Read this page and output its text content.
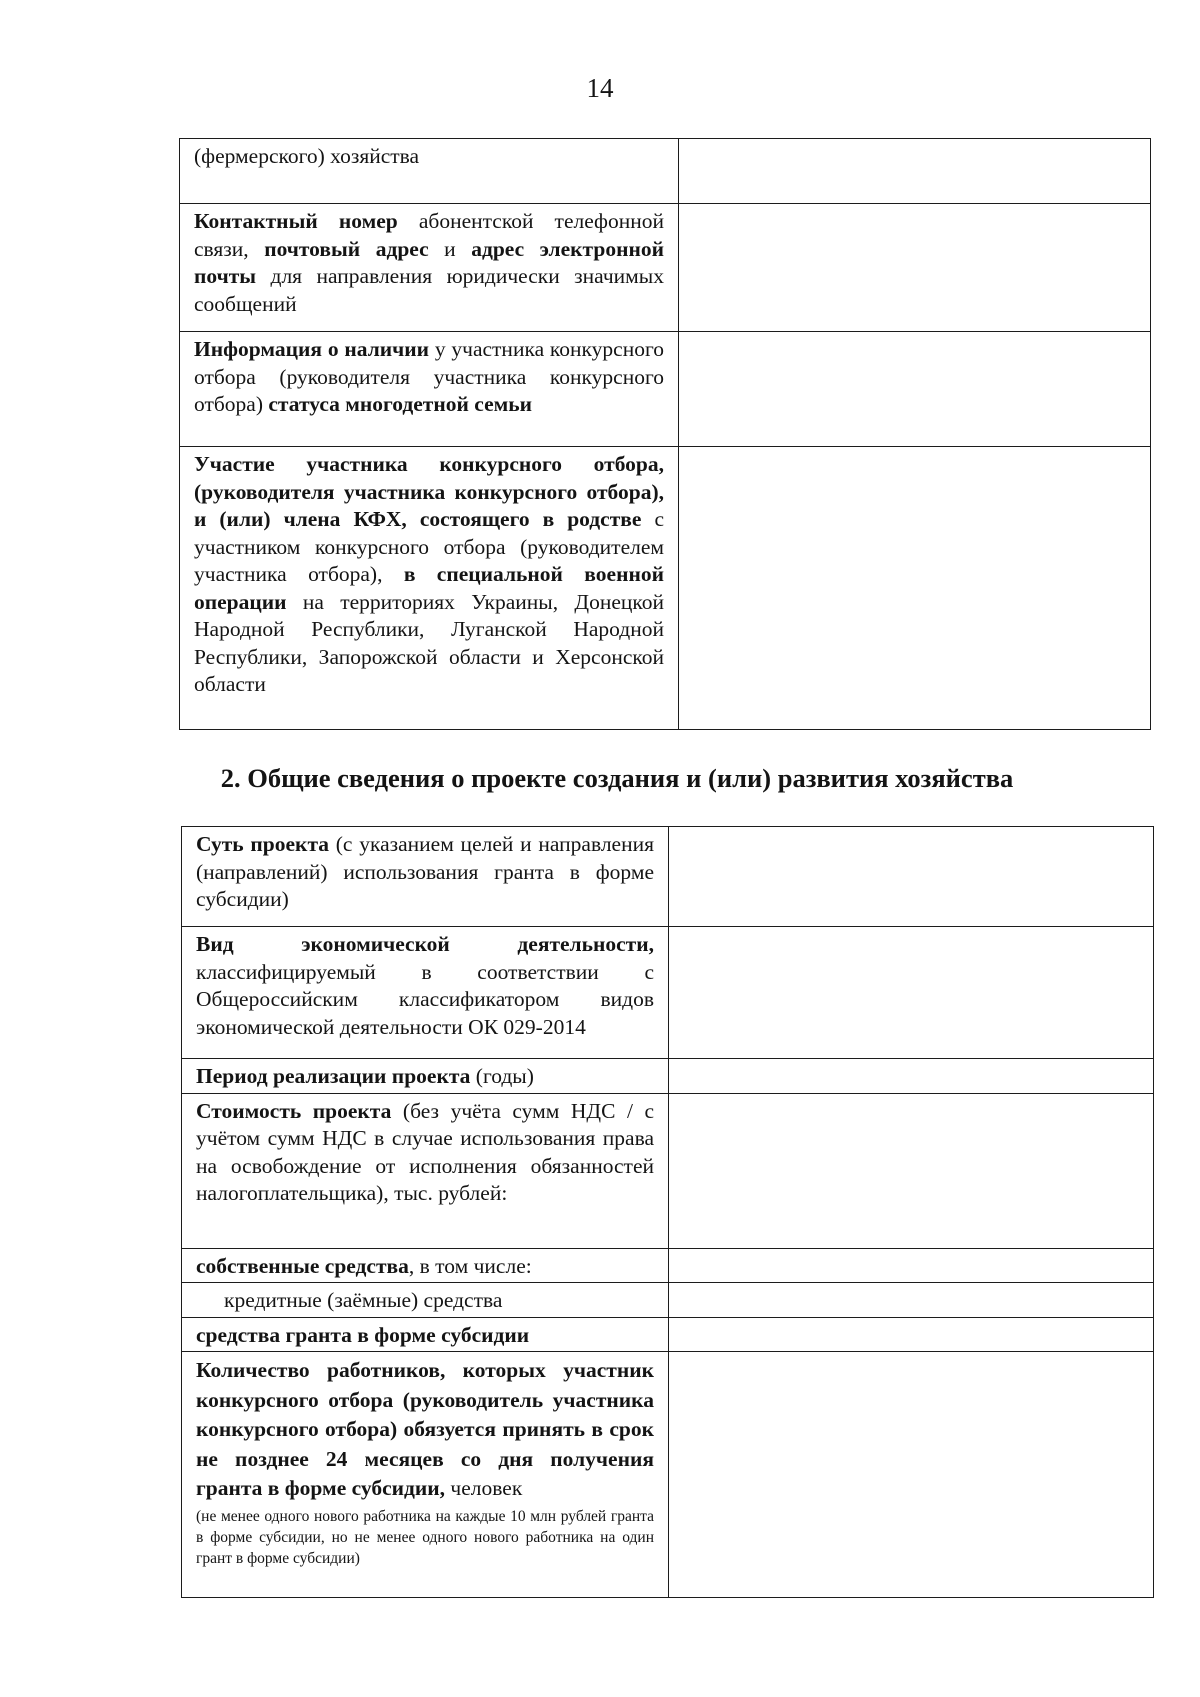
14
(фермерского) хозяйства	
Контактный номер абонентской телефонной связи, почтовый адрес и адрес электронной почты для направления юридически значимых сообщений	
Информация о наличии у участника конкурсного отбора (руководителя участника конкурсного отбора) статуса многодетной семьи	
Участие участника конкурсного отбора, (руководителя участника конкурсного отбора), и (или) члена КФХ, состоящего в родстве с участником конкурсного отбора (руководителем участника отбора), в специальной военной операции на территориях Украины, Донецкой Народной Республики, Луганской Народной Республики, Запорожской области и Херсонской области	
2. Общие сведения о проекте создания и (или) развития хозяйства
Суть проекта (с указанием целей и направления (направлений) использования гранта в форме субсидии)	
Вид экономической деятельности, классифицируемый в соответствии с Общероссийским классификатором видов экономической деятельности ОК 029-2014	
Период реализации проекта (годы)	
Стоимость проекта (без учёта сумм НДС / с учётом сумм НДС в случае использования права на освобождение от исполнения обязанностей налогоплательщика), тыс. рублей:	
собственные средства, в том числе:	
кредитные (заёмные) средства	
средства гранта в форме субсидии	
Количество работников, которых участник конкурсного отбора (руководитель участника конкурсного отбора) обязуется принять в срок не позднее 24 месяцев со дня получения гранта в форме субсидии, человек
(не менее одного нового работника на каждые 10 млн рублей гранта в форме субсидии, но не менее одного нового работника на один грант в форме субсидии)	
